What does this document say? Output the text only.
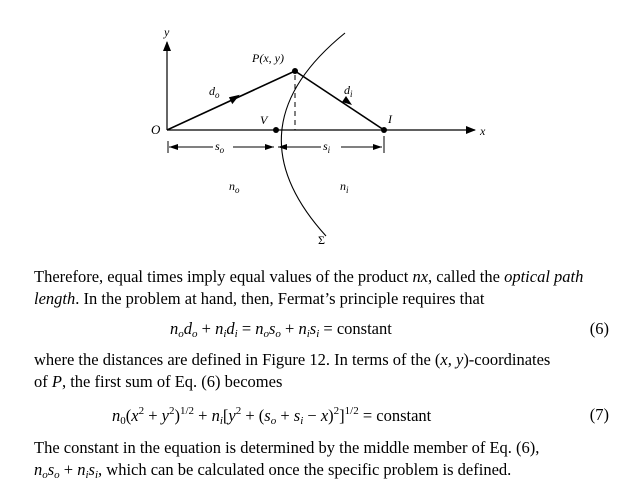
y
x
O
Σ
P(x, y)
V	I
$d_o$	$d_i$
$s_o$	$s_i$
$n_o$	$n_i$

Therefore, equal times imply equal values of the product nx, called the optical path length. In the problem at hand, then, Fermat’s principle requires that

$n_od_o + n_id_i = n_os_o + n_is_i$ = constant	(6)

where the distances are defined in Figure 12. In terms of the (x, y)-coordinates
of P, the first sum of Eq. (6) becomes

$n_0(x^2 + y^2)^{1/2} + n_i[y^2 + (s_o + s_i - x)^2]^{1/2}$ = constant	(7)

The constant in the equation is determined by the middle member of Eq. (6),
$n_os_o + n_is_i$, which can be calculated once the specific problem is defined.
